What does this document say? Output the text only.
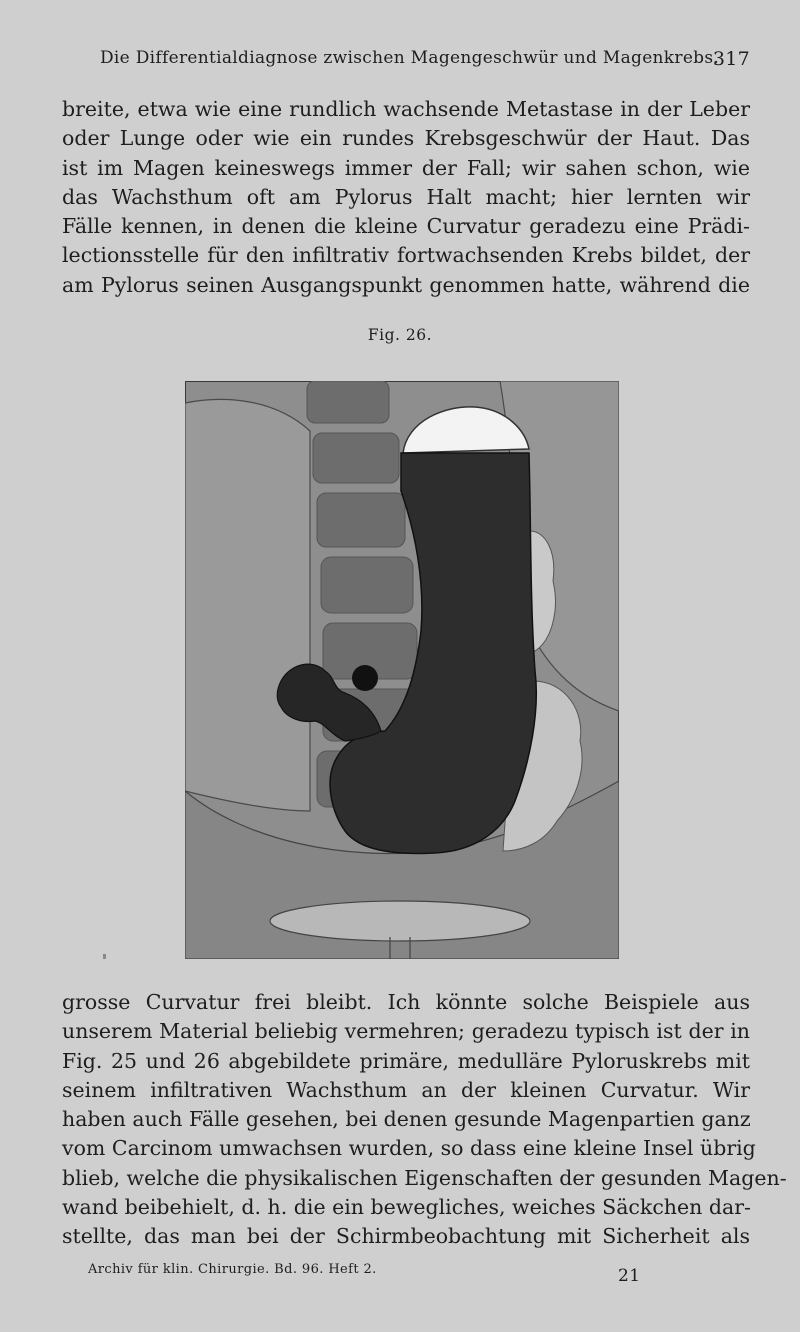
Die Differentialdiagnose zwischen Magengeschwür und Magenkrebs.
317
breite, etwa wie eine rundlich wachsende Metastase in der Leber
oder Lunge oder wie ein rundes Krebsgeschwür der Haut. Das
ist im Magen keineswegs immer der Fall; wir sahen schon, wie
das Wachsthum oft am Pylorus Halt macht; hier lernten wir
Fälle kennen, in denen die kleine Curvatur geradezu eine Prädi-
lectionsstelle für den infiltrativ fortwachsenden Krebs bildet, der
am Pylorus seinen Ausgangspunkt genommen hatte, während die
Fig. 26.
grosse Curvatur frei bleibt. Ich könnte solche Beispiele aus
unserem Material beliebig vermehren; geradezu typisch ist der in
Fig. 25 und 26 abgebildete primäre, medulläre Pyloruskrebs mit
seinem infiltrativen Wachsthum an der kleinen Curvatur. Wir
haben auch Fälle gesehen, bei denen gesunde Magenpartien ganz
vom Carcinom umwachsen wurden, so dass eine kleine Insel übrig
blieb, welche die physikalischen Eigenschaften der gesunden Magen-
wand beibehielt, d. h. die ein bewegliches, weiches Säckchen dar-
stellte, das man bei der Schirmbeobachtung mit Sicherheit als
Archiv für klin. Chirurgie. Bd. 96. Heft 2.	21
